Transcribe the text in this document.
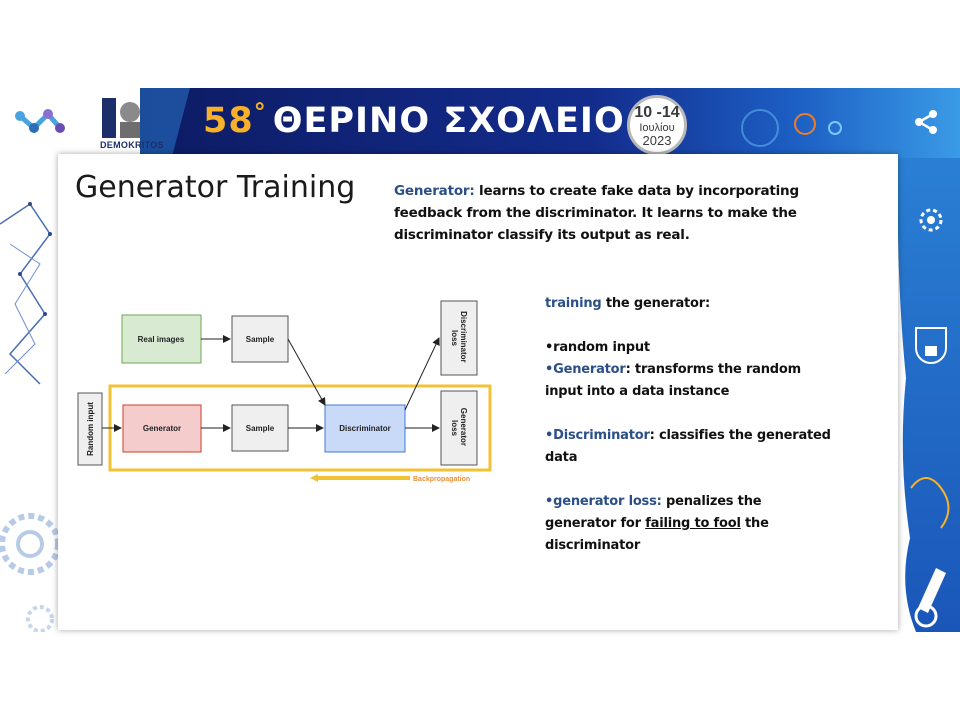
DEMOKRITOS
58° ΘΕΡΙΝΟ ΣΧΟΛΕΙΟ 10 -14
Ιουλίου
2023
Generator Training	Generator: learns to create fake data by incorporating feedback from the discriminator. It learns to make the discriminator classify its output as real.

training the generator:

•random input

•Generator: transforms the random input into a data instance

•Discriminator: classifies the generated data

•generator loss: penalizes the generator for failing to fool the discriminator

Backpropagation
Real images	Sample
Generator	Sample	Discriminator
Random input
Discriminator loss
Generator loss
